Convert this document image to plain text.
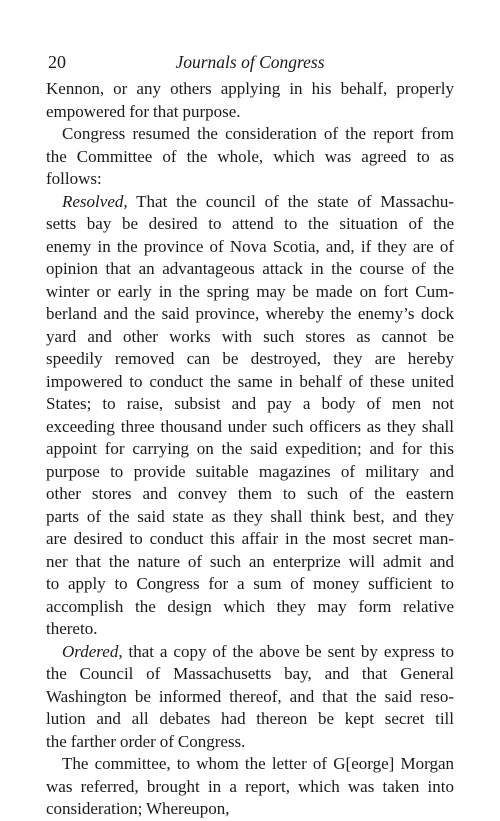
20	Journals of Congress
Kennon, or any others applying in his behalf, properly
empowered for that purpose.
Congress resumed the consideration of the report from
the Committee of the whole, which was agreed to as
follows:
Resolved, That the council of the state of Massachu-
setts bay be desired to attend to the situation of the
enemy in the province of Nova Scotia, and, if they are of
opinion that an advantageous attack in the course of the
winter or early in the spring may be made on fort Cum-
berland and the said province, whereby the enemy’s dock
yard and other works with such stores as cannot be
speedily removed can be destroyed, they are hereby
impowered to conduct the same in behalf of these united
States; to raise, subsist and pay a body of men not
exceeding three thousand under such officers as they shall
appoint for carrying on the said expedition; and for this
purpose to provide suitable magazines of military and
other stores and convey them to such of the eastern
parts of the said state as they shall think best, and they
are desired to conduct this affair in the most secret man-
ner that the nature of such an enterprize will admit and
to apply to Congress for a sum of money sufficient to
accomplish the design which they may form relative
thereto.
Ordered, that a copy of the above be sent by express to
the Council of Massachusetts bay, and that General
Washington be informed thereof, and that the said reso-
lution and all debates had thereon be kept secret till
the farther order of Congress.
The committee, to whom the letter of G[eorge] Morgan
was referred, brought in a report, which was taken into
consideration; Whereupon,
